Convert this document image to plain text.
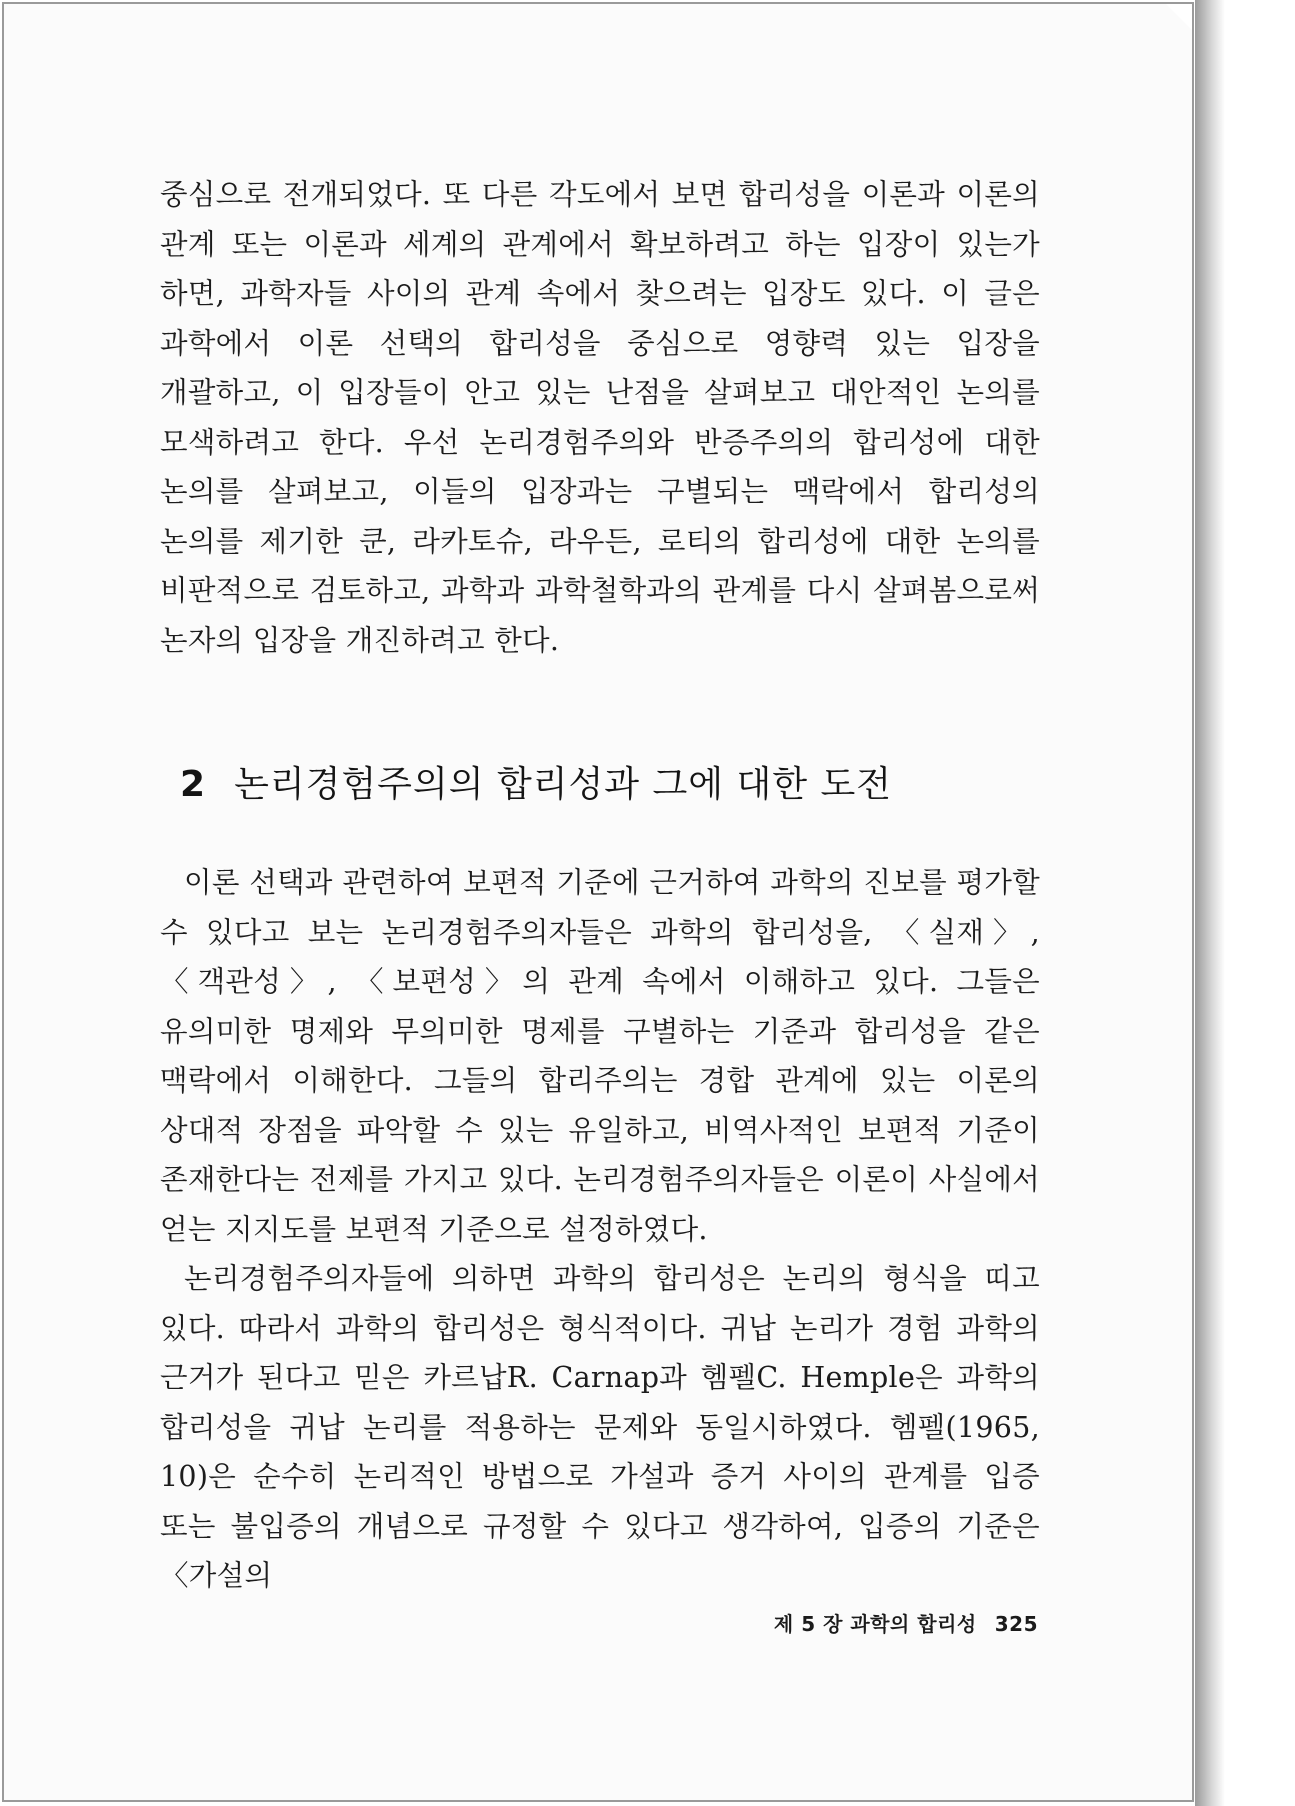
중심으로 전개되었다. 또 다른 각도에서 보면 합리성을 이론과 이론의 관계 또는 이론과 세계의 관계에서 확보하려고 하는 입장이 있는가 하면, 과학자들 사이의 관계 속에서 찾으려는 입장도 있다. 이 글은 과학에서 이론 선택의 합리성을 중심으로 영향력 있는 입장을 개괄하고, 이 입장들이 안고 있는 난점을 살펴보고 대안적인 논의를 모색하려고 한다. 우선 논리경험주의와 반증주의의 합리성에 대한 논의를 살펴보고, 이들의 입장과는 구별되는 맥락에서 합리성의 논의를 제기한 쿤, 라카토슈, 라우든, 로티의 합리성에 대한 논의를 비판적으로 검토하고, 과학과 과학철학과의 관계를 다시 살펴봄으로써 논자의 입장을 개진하려고 한다.

2 논리경험주의의 합리성과 그에 대한 도전

이론 선택과 관련하여 보편적 기준에 근거하여 과학의 진보를 평가할 수 있다고 보는 논리경험주의자들은 과학의 합리성을, 〈실재〉, 〈객관성〉, 〈보편성〉의 관계 속에서 이해하고 있다. 그들은 유의미한 명제와 무의미한 명제를 구별하는 기준과 합리성을 같은 맥락에서 이해한다. 그들의 합리주의는 경합 관계에 있는 이론의 상대적 장점을 파악할 수 있는 유일하고, 비역사적인 보편적 기준이 존재한다는 전제를 가지고 있다. 논리경험주의자들은 이론이 사실에서 얻는 지지도를 보편적 기준으로 설정하였다.

논리경험주의자들에 의하면 과학의 합리성은 논리의 형식을 띠고 있다. 따라서 과학의 합리성은 형식적이다. 귀납 논리가 경험 과학의 근거가 된다고 믿은 카르납R. Carnap과 헴펠C. Hemple은 과학의 합리성을 귀납 논리를 적용하는 문제와 동일시하였다. 헴펠(1965, 10)은 순수히 논리적인 방법으로 가설과 증거 사이의 관계를 입증 또는 불입증의 개념으로 규정할 수 있다고 생각하여, 입증의 기준은 〈가설의

제 5 장 과학의 합리성 325
